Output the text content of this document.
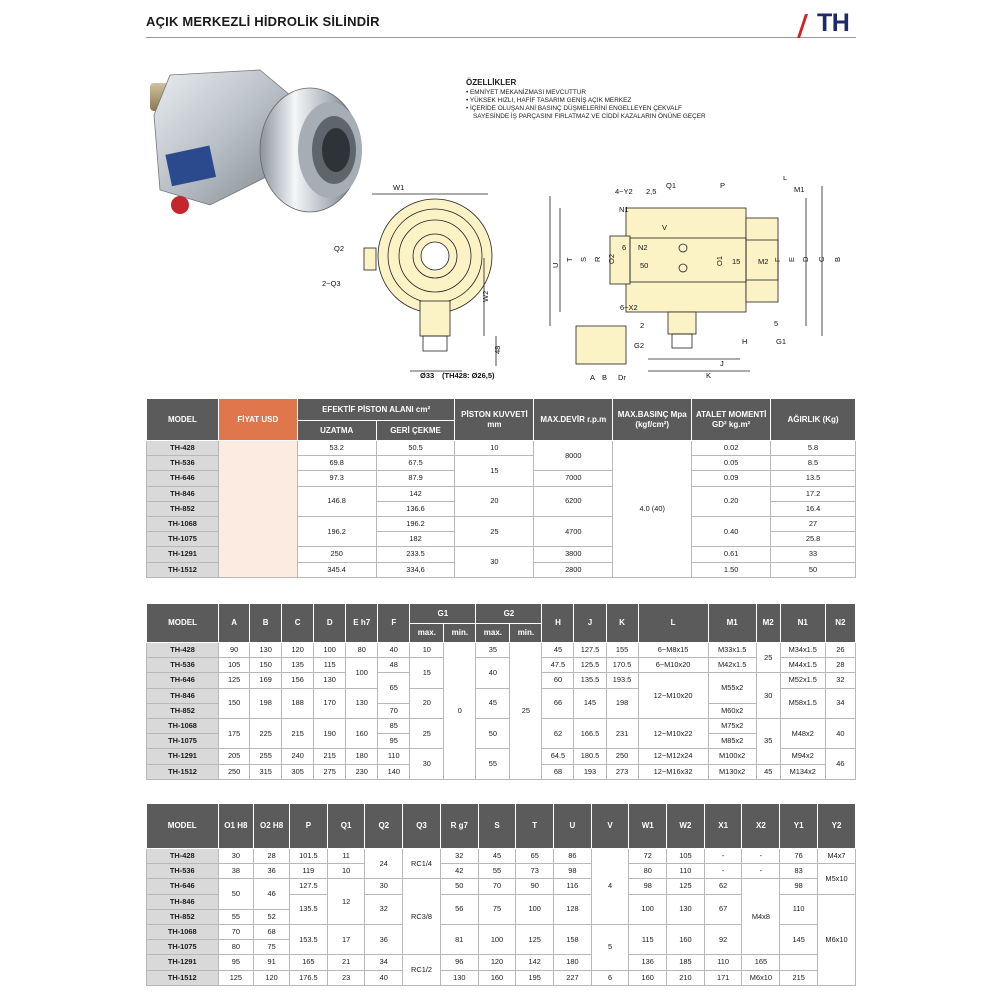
AÇIK MERKEZLİ HİDROLİK SİLİNDİR	TH
ÖZELLİKLER
• EMNİYET MEKANİZMASI MEVCUTTUR
• YÜKSEK HIZLI, HAFİF TASARIM GENİŞ AÇIK MERKEZ
• İÇERİDE OLUŞAN ANİ BASINÇ DÜŞMELERİNİ ENGELLEYEN ÇEKVALF
SAYESİNDE İŞ PARÇASINI FIRLATMAZ VE CİDDİ KAZALARIN ÖNÜNE GEÇER
W1
Q2
2~Q3
W2
48
Ø33 (TH428: Ø26,5)
4~Y2 2,5
Q1	P
L
M1
N1
V
N2
6
50	O1 15 M2
U
T S R O2	F E D C B
6~X2
2	5
H	G1
G2
J
K
A B Dr
MODEL	FİYAT USD	EFEKTİF PİSTON ALANI cm²		PİSTON KUVVETİ mm	MAX.DEVİR r.p.m	MAX.BASINÇ Mpa (kgf/cm²)	ATALET MOMENTİ GD² kg.m²	AĞIRLIK (Kg)
		UZATMA	GERİ ÇEKME					
TH-428		53.2	50.5	10	8000	4.0 (40)	0.02	5.8
TH-536		69.8	67.5	15			0.05	8.5
TH-646		97.3	87.9		7000		0.09	13.5
TH-846		146.8	142	20	6200		0.20	17.2
TH-852			136.6					16.4
TH-1068		196.2	196.2	25	4700		0.40	27
TH-1075			182					25.8
TH-1291		250	233.5	30	3800		0.61	33
TH-1512		345.4	334,6		2800		1.50	50
MODEL	A	B	C	D	E h7	F	G1		G2		H	J	K	L	M1	M2	N1	N2
							max.	min.	max.	min.								
TH-428	90	130	120	100	80	40	10	0	35	25	45	127.5	155	6~M8x15	M33x1.5	25	M34x1.5	26
TH-536	105	150	135	115	100	48	15		40		47.5	125.5	170.5	6~M10x20	M42x1.5		M44x1.5	28
TH-646	125	169	156	130		65					60	135.5	193.5	12~M10x20	M55x2	30	M52x1.5	32
TH-846	150	198	188	170	130		20		45		66	145	198				M58x1.5	34
TH-852						70									M60x2			
TH-1068	175	225	215	190	160	85	25		50		62	166.5	231	12~M10x22	M75x2	35	M48x2	40
TH-1075						95									M85x2			
TH-1291	205	255	240	215	180	110	30		55		64.5	180.5	250	12~M12x24	M100x2		M94x2	46
TH-1512	250	315	305	275	230	140					68	193	273	12~M16x32	M130x2	45	M134x2	
MODEL	O1 H8	O2 H8	P	Q1	Q2	Q3	R g7	S	T	U	V	W1	W2	X1	X2	Y1	Y2
TH-428	30	28	101.5	11	24	RC1/4	32	45	65	86	4	72	105	-	-	76	M4x7
TH-536	38	36	119	10			42	55	73	98		80	110	-	-	83	M5x10
TH-646	50	46	127.5	12	30	RC3/8	50	70	90	116		98	125	62	M4x8	98	
TH-846			135.5		32		56	75	100	128		100	130	67		110	M6x10
TH-852	55	52															
TH-1068	70	68	153.5	17	36		81	100	125	158	5	115	160	92		145	
TH-1075	80	75															
TH-1291	95	91	165	21	34	RC1/2	96	120	142	180		136	185	110	165		
TH-1512	125	120	176.5	23	40		130	160	195	227	6	160	210	171	M6x10	215	
